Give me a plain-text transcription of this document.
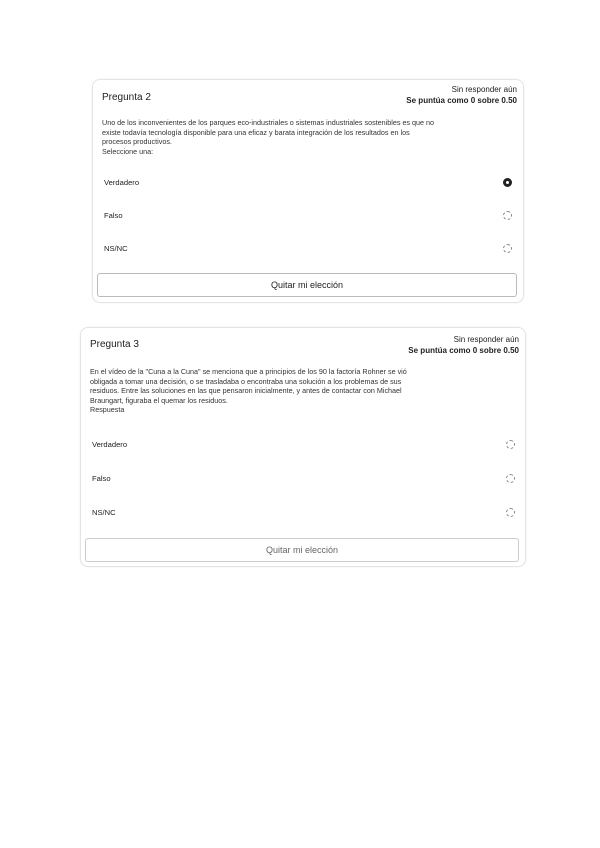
Pregunta 2
Sin responder aún
Se puntúa como 0 sobre 0.50
Uno de los inconvenientes de los parques eco-industriales o sistemas industriales sostenibles es que no
existe todavía tecnología disponible para una eficaz y barata integración de los resultados en los
procesos productivos.
Seleccione una:
Verdadero
Falso
NS/NC
Quitar mi elección
Pregunta 3	Sin responder aún
Se puntúa como 0 sobre 0.50
En el vídeo de la "Cuna a la Cuna" se menciona que a principios de los 90 la factoría Rohner se vió
obligada a tomar una decisión, o se trasladaba o encontraba una solución a los problemas de sus
residuos. Entre las soluciones en las que pensaron inicialmente, y antes de contactar con Michael
Braungart, figuraba el quemar los residuos.
Respuesta
Verdadero
Falso
NS/NC
Quitar mi elección
